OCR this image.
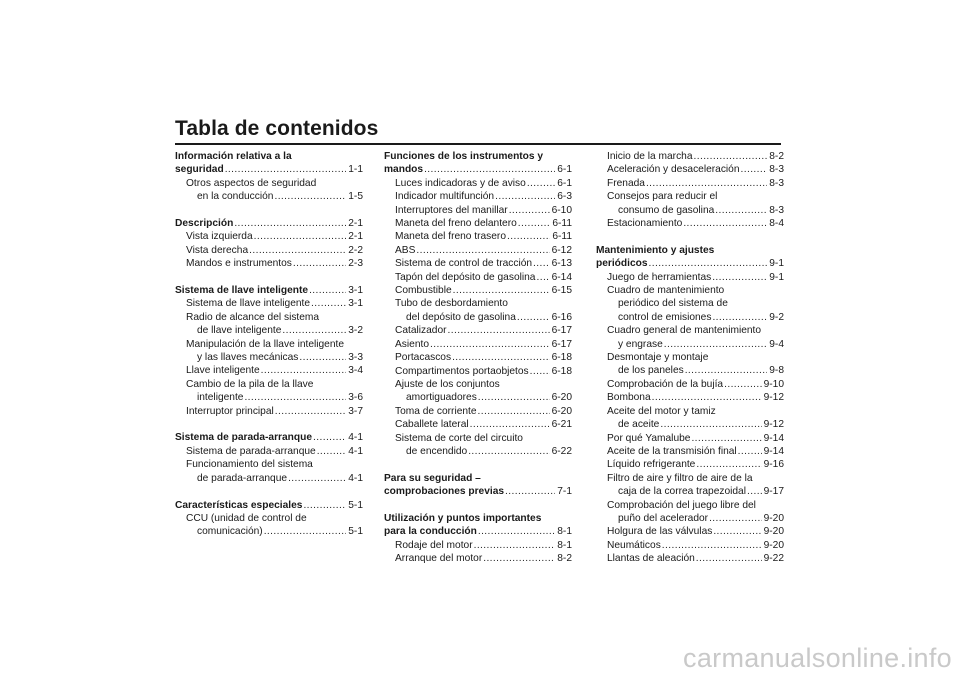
Tabla de contenidos
Información relativa a la
seguridad .....	1-1
Otros aspectos de seguridad
en la conducción .....	1-5
Descripción .....	2-1
Vista izquierda .....	2-1
Vista derecha .....	2-2
Mandos e instrumentos .....	2-3
Sistema de llave inteligente .....	3-1
Sistema de llave inteligente .....	3-1
Radio de alcance del sistema
de llave inteligente .....	3-2
Manipulación de la llave inteligente
y las llaves mecánicas .....	3-3
Llave inteligente .....	3-4
Cambio de la pila de la llave
inteligente .....	3-6
Interruptor principal .....	3-7
Sistema de parada-arranque .....	4-1
Sistema de parada-arranque .....	4-1
Funcionamiento del sistema
de parada-arranque .....	4-1
Características especiales .....	5-1
CCU (unidad de control de
comunicación) .....	5-1
Funciones de los instrumentos y
mandos .....	6-1
Luces indicadoras y de aviso .....	6-1
Indicador multifunción .....	6-3
Interruptores del manillar .....	6-10
Maneta del freno delantero .....	6-11
Maneta del freno trasero .....	6-11
ABS .....	6-12
Sistema de control de tracción ..... 6-13
Tapón del depósito de gasolina ..... 6-14
Combustible .....	6-15
Tubo de desbordamiento
del depósito de gasolina .....	6-16
Catalizador .....	6-17
Asiento .....	6-17
Portacascos .....	6-18
Compartimentos portaobjetos ..... 6-18
Ajuste de los conjuntos
amortiguadores .....	6-20
Toma de corriente .....	6-20
Caballete lateral .....	6-21
Sistema de corte del circuito
de encendido .....	6-22
Para su seguridad –
comprobaciones previas .....	7-1
Utilización y puntos importantes
para la conducción .....	8-1
Rodaje del motor .....	8-1
Arranque del motor .....	8-2
Inicio de la marcha .....	8-2
Aceleración y desaceleración .....	8-3
Frenada .....	8-3
Consejos para reducir el
consumo de gasolina .....	8-3
Estacionamiento .....	8-4
Mantenimiento y ajustes
periódicos .....	9-1
Juego de herramientas .....	9-1
Cuadro de mantenimiento
periódico del sistema de
control de emisiones .....	9-2
Cuadro general de mantenimiento
y engrase .....	9-4
Desmontaje y montaje
de los paneles .....	9-8
Comprobación de la bujía .....	9-10
Bombona .....	9-12
Aceite del motor y tamiz
de aceite .....	9-12
Por qué Yamalube .....	9-14
Aceite de la transmisión final .....	9-14
Líquido refrigerante .....	9-16
Filtro de aire y filtro de aire de la
caja de la correa trapezoidal ..... 9-17
Comprobación del juego libre del
puño del acelerador .....	9-20
Holgura de las válvulas .....	9-20
Neumáticos .....	9-20
Llantas de aleación .....	9-22
carmanualsonline.info
